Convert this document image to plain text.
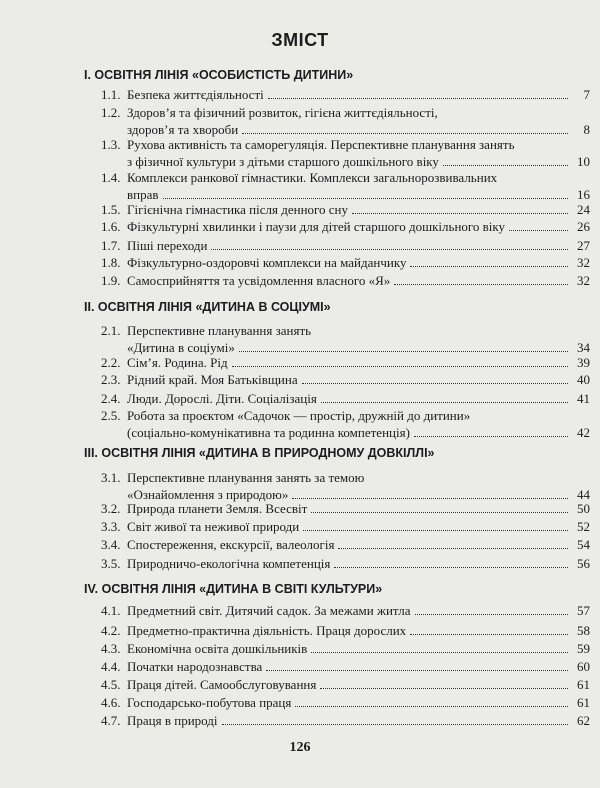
ЗМІСТ
І. ОСВІТНЯ ЛІНІЯ «ОСОБИСТІСТЬ ДИТИНИ»
1.1. Безпека життєдіяльності	7
1.2. Здоров’я та фізичний розвиток, гігієна життєдіяльності,
здоров’я та хвороби	8
1.3. Рухова активність та саморегуляція. Перспективне планування занять
з фізичної культури з дітьми старшого дошкільного віку	10
1.4. Комплекси ранкової гімнастики. Комплекси загальнорозвивальних
вправ	16
1.5. Гігієнічна гімнастика після денного сну	24
1.6. Фізкультурні хвилинки і паузи для дітей старшого дошкільного віку	26
1.7. Піші переходи	27
1.8. Фізкультурно-оздоровчі комплекси на майданчику	32
1.9. Самосприйняття та усвідомлення власного «Я»	32
ІІ. ОСВІТНЯ ЛІНІЯ «ДИТИНА В СОЦІУМІ»
2.1. Перспективне планування занять
«Дитина в соціумі»	34
2.2. Сім’я. Родина. Рід	39
2.3. Рідний край. Моя Батьківщина	40
2.4. Люди. Дорослі. Діти. Соціалізація	41
2.5. Робота за проєктом «Садочок — простір, дружній до дитини»
(соціально-комунікативна та родинна компетенція)	42
ІІІ. ОСВІТНЯ ЛІНІЯ «ДИТИНА В ПРИРОДНОМУ ДОВКІЛЛІ»
3.1. Перспективне планування занять за темою
«Ознайомлення з природою»	44
3.2. Природа планети Земля. Всесвіт	50
3.3. Світ живої та неживої природи	52
3.4. Спостереження, екскурсії, валеологія	54
3.5. Природничо-екологічна компетенція	56
IV. ОСВІТНЯ ЛІНІЯ «ДИТИНА В СВІТІ КУЛЬТУРИ»
4.1. Предметний світ. Дитячий садок. За межами житла	57
4.2. Предметно-практична діяльність. Праця дорослих	58
4.3. Економічна освіта дошкільників	59
4.4. Початки народознавства	60
4.5. Праця дітей. Самообслуговування	61
4.6. Господарсько-побутова праця	61
4.7. Праця в природі	62
126
